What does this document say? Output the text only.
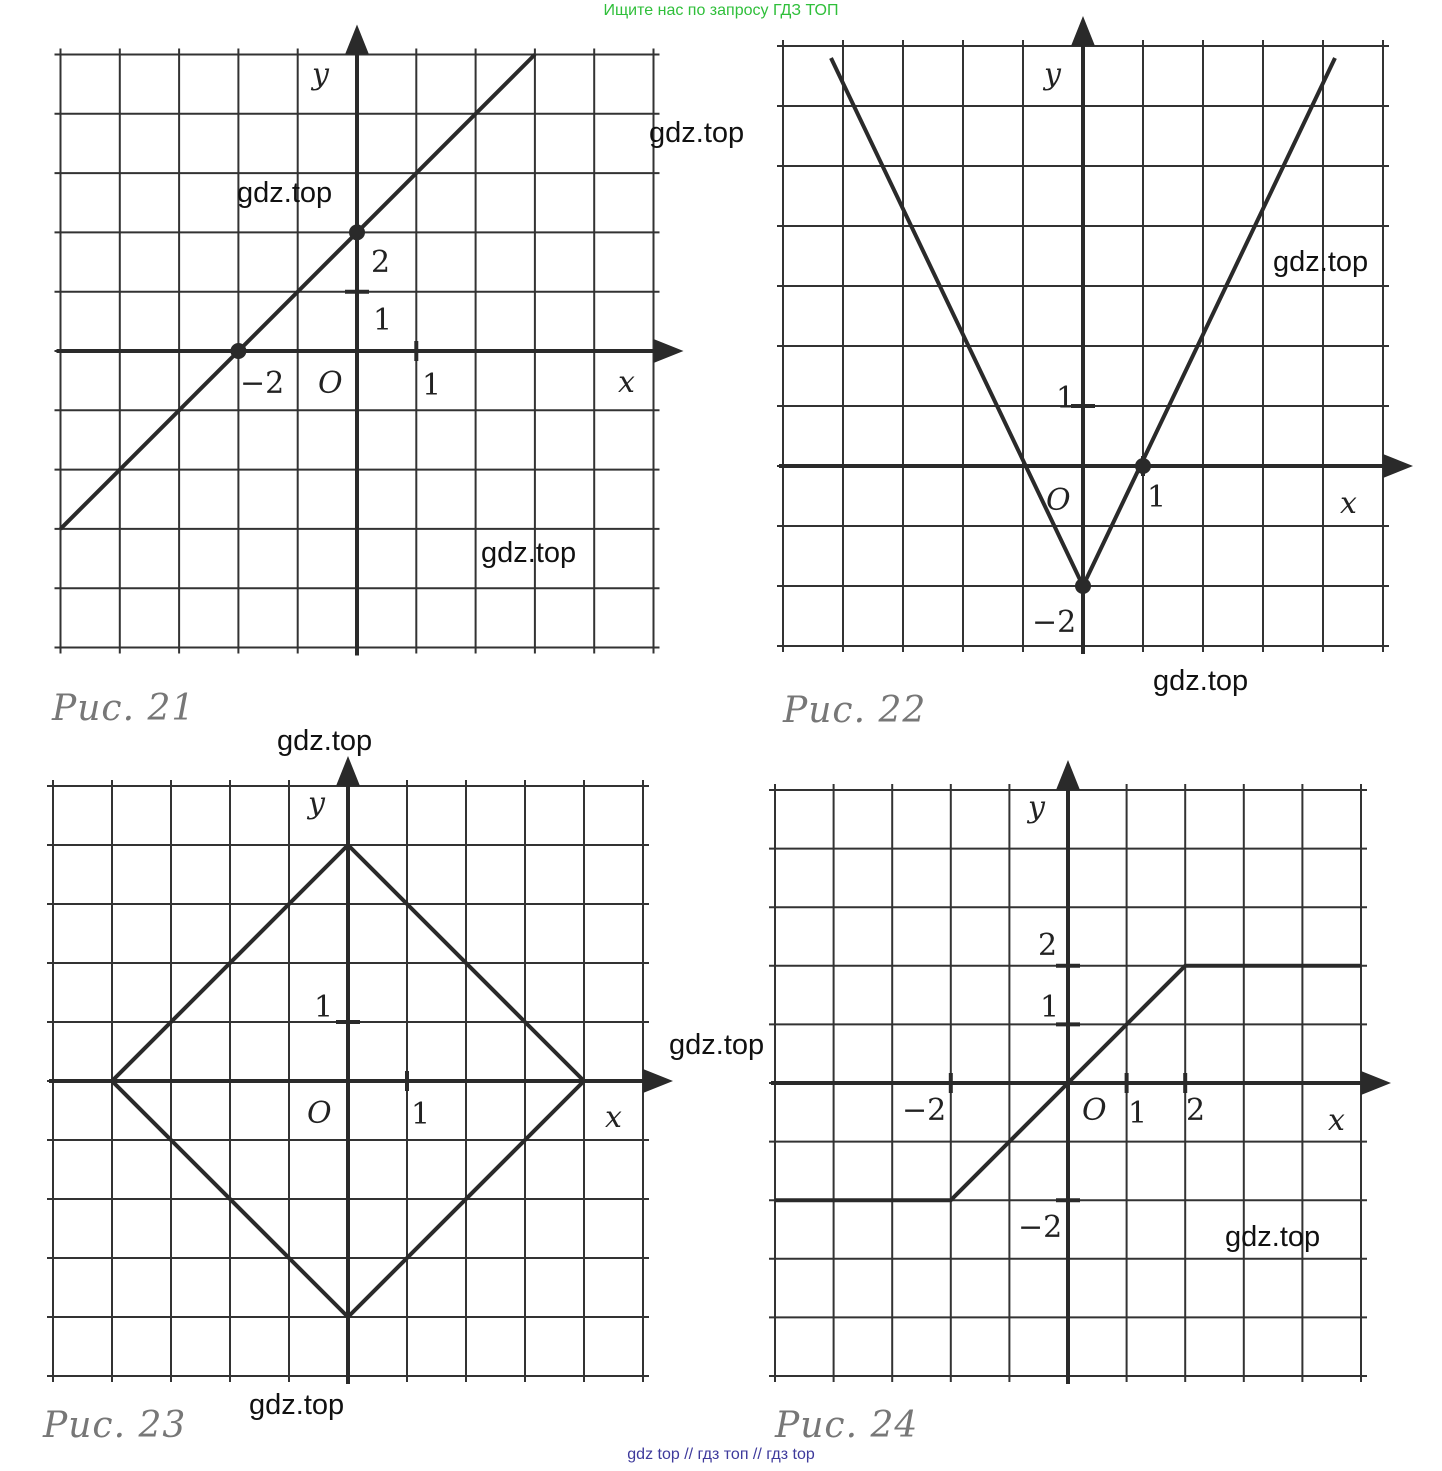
Ищите нас по запросу ГДЗ ТОП
y
x
O
−2	1
1
2
y
x
O
1
1
−2
y
x
O
1
1
y
x
O
2
1
−2	1 2
−2
Рис. 21	Рис. 22
Рис. 23	Рис. 24
gdz.top
gdz.top
gdz.top
gdz.top
gdz.top
gdz.top
gdz.top
gdz.top
gdz.top
gdz top // гдз топ // гдз top
